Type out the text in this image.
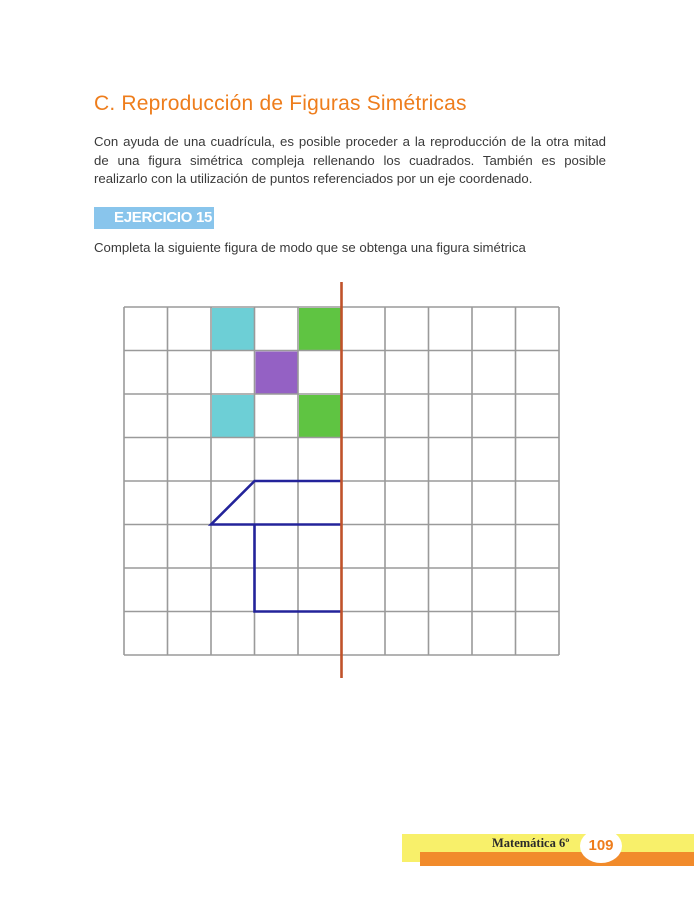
C. Reproducción de Figuras Simétricas

Con ayuda de una cuadrícula, es posible proceder a la reproducción de la otra mitad de una figura simétrica compleja rellenando los cuadrados. También es posible realizarlo con la utilización de puntos referenciados por un eje coordenado.

EJERCICIO 15

Completa la siguiente figura de modo que se obtenga una figura simétrica

Matemática 6º	109
